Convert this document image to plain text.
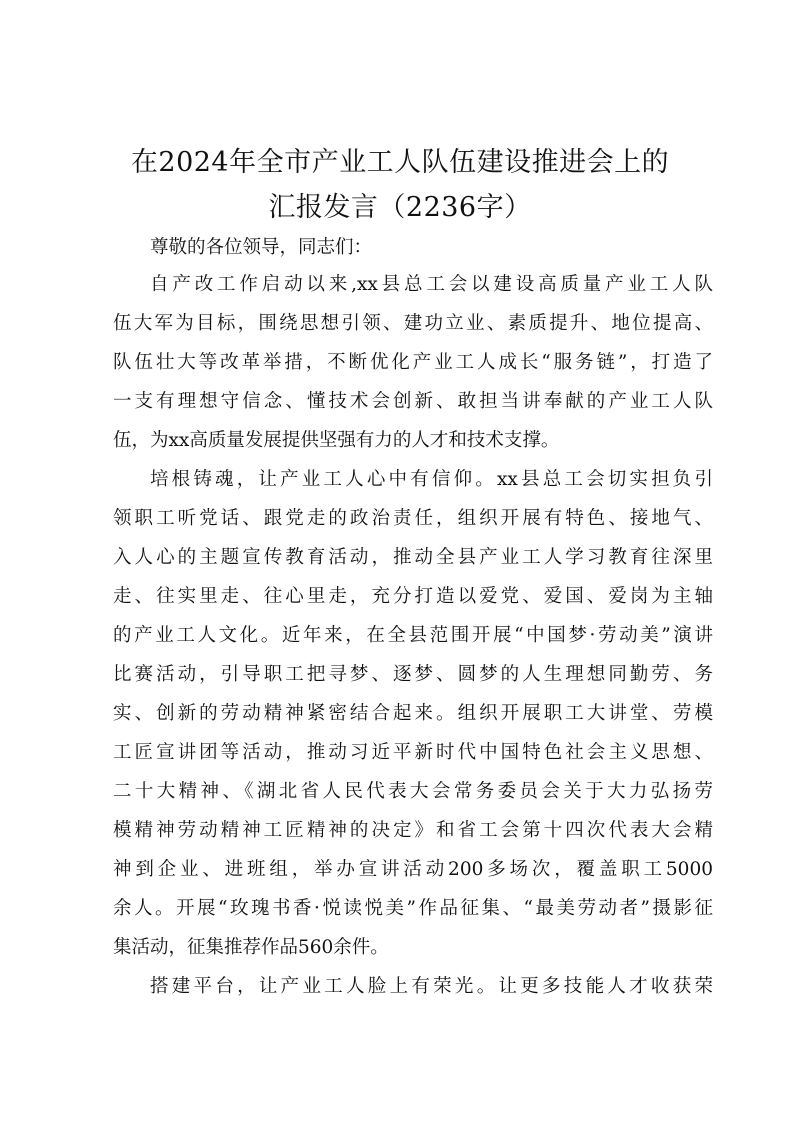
在2024年全市产业工人队伍建设推进会上的
汇报发言（2236字）
尊敬的各位领导，同志们：
自产改工作启动以来,xx县总工会以建设高质量产业工人队
伍大军为目标，围绕思想引领、建功立业、素质提升、地位提高、
队伍壮大等改革举措，不断优化产业工人成长“服务链”，打造了
一支有理想守信念、懂技术会创新、敢担当讲奉献的产业工人队
伍，为xx高质量发展提供坚强有力的人才和技术支撑。
培根铸魂，让产业工人心中有信仰。xx县总工会切实担负引
领职工听党话、跟党走的政治责任，组织开展有特色、接地气、
入人心的主题宣传教育活动，推动全县产业工人学习教育往深里
走、往实里走、往心里走，充分打造以爱党、爱国、爱岗为主轴
的产业工人文化。近年来，在全县范围开展“中国梦·劳动美”演讲
比赛活动，引导职工把寻梦、逐梦、圆梦的人生理想同勤劳、务
实、创新的劳动精神紧密结合起来。组织开展职工大讲堂、劳模
工匠宣讲团等活动，推动习近平新时代中国特色社会主义思想、
二十大精神、《湖北省人民代表大会常务委员会关于大力弘扬劳
模精神劳动精神工匠精神的决定》和省工会第十四次代表大会精
神到企业、进班组，举办宣讲活动200多场次，覆盖职工5000
余人。开展“玫瑰书香·悦读悦美”作品征集、“最美劳动者”摄影征
集活动，征集推荐作品560余件。
搭建平台，让产业工人脸上有荣光。让更多技能人才收获荣
